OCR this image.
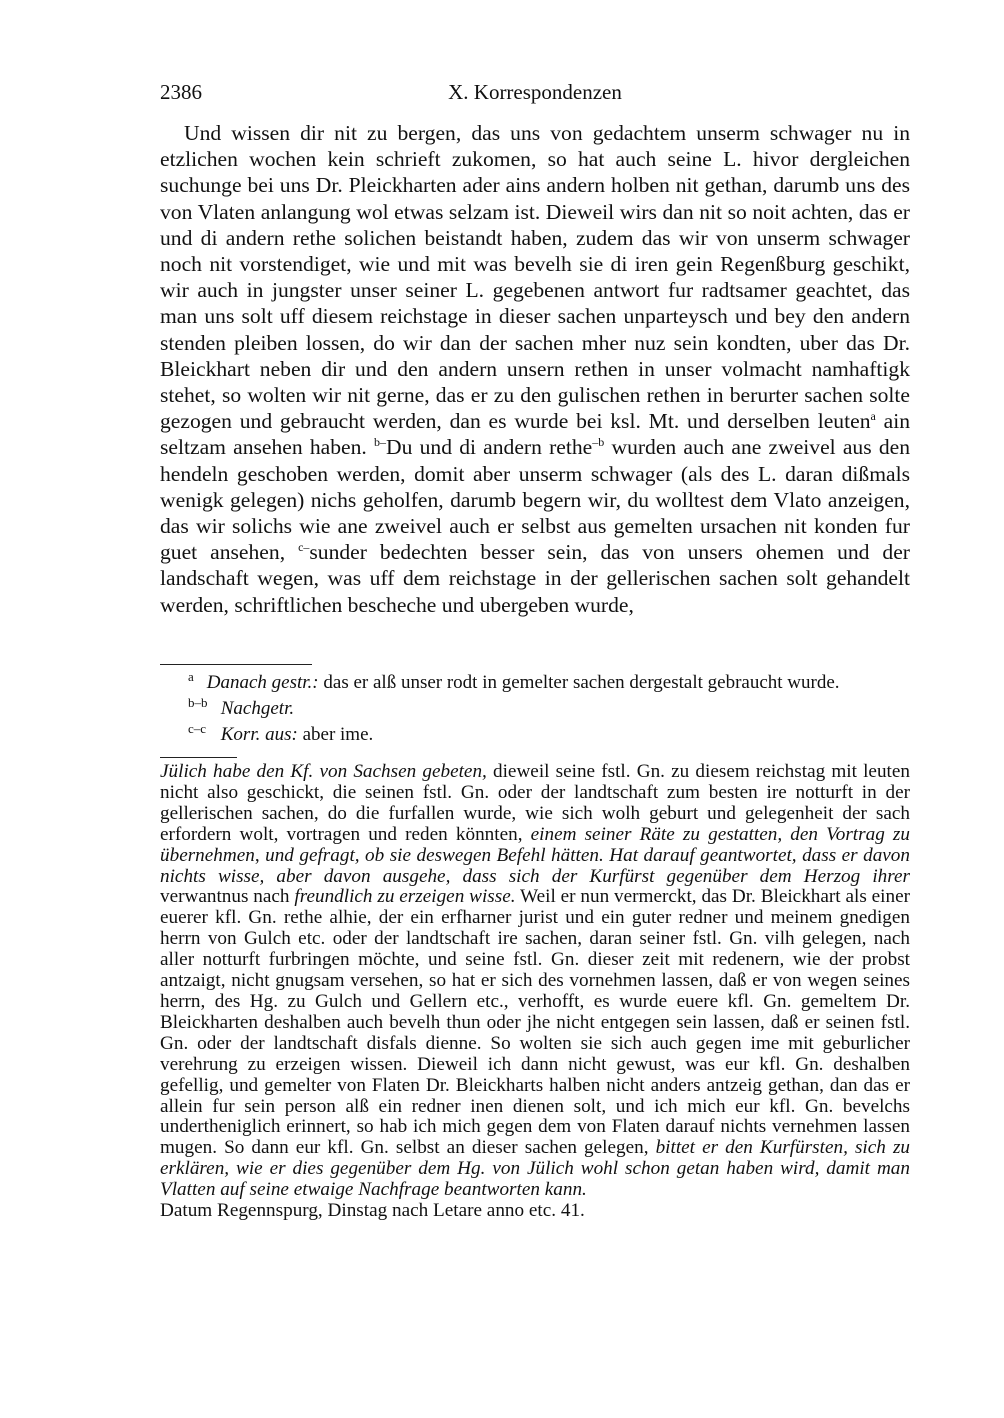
2386	X. Korrespondenzen

Und wissen dir nit zu bergen, das uns von gedachtem unserm schwager nu in etzlichen wochen kein schrieft zukomen, so hat auch seine L. hivor dergleichen suchunge bei uns Dr. Pleickharten ader ains andern holben nit gethan, darumb uns des von Vlaten anlangung wol etwas selzam ist. Dieweil wirs dan nit so noit achten, das er und di andern rethe solichen beistandt haben, zudem das wir von unserm schwager noch nit vorstendiget, wie und mit was bevelh sie di iren gein Regenßburg geschikt, wir auch in jungster unser seiner L. gegebenen antwort fur radtsamer geachtet, das man uns solt uff diesem reichstage in dieser sachen unparteysch und bey den andern stenden pleiben lossen, do wir dan der sachen mher nuz sein kondten, uber das Dr. Bleickhart neben dir und den andern unsern rethen in unser volmacht namhaftigk stehet, so wolten wir nit gerne, das er zu den gulischen rethen in berurter sachen solte gezogen und gebraucht werden, dan es wurde bei ksl. Mt. und derselben leuten$^a$ ain seltzam ansehen haben. $^{b-}$Du und di andern rethe$^{-b}$ wurden auch ane zweivel aus den hendeln geschoben werden, domit aber unserm schwager (als des L. daran dißmals wenigk gelegen) nichs geholfen, darumb begern wir, du wolltest dem Vlato anzeigen, das wir solichs wie ane zweivel auch er selbst aus gemelten ursachen nit konden fur guet ansehen, $^{c-}$sunder bedechten besser sein, das von unsers ohemen und der landschaft wegen, was uff dem reichstage in der gellerischen sachen solt gehandelt werden, schriftlichen bescheche und ubergeben wurde,

a Danach gestr.: das er alß unser rodt in gemelter sachen dergestalt gebraucht wurde.

b–b Nachgetr.

c–c Korr. aus: aber ime.

Jülich habe den Kf. von Sachsen gebeten, dieweil seine fstl. Gn. zu diesem reichstag mit leuten nicht also geschickt, die seinen fstl. Gn. oder der landtschaft zum besten ire notturft in der gellerischen sachen, do die furfallen wurde, wie sich wolh geburt und gelegenheit der sach erfordern wolt, vortragen und reden könnten, einem seiner Räte zu gestatten, den Vortrag zu übernehmen, und gefragt, ob sie deswegen Befehl hätten. Hat darauf geantwortet, dass er davon nichts wisse, aber davon ausgehe, dass sich der Kurfürst gegenüber dem Herzog ihrer verwantnus nach freundlich zu erzeigen wisse. Weil er nun vermerckt, das Dr. Bleickhart als einer euerer kfl. Gn. rethe alhie, der ein erfharner jurist und ein guter redner und meinem gnedigen herrn von Gulch etc. oder der landtschaft ire sachen, daran seiner fstl. Gn. vilh gelegen, nach aller notturft furbringen möchte, und seine fstl. Gn. dieser zeit mit redenern, wie der probst antzaigt, nicht gnugsam versehen, so hat er sich des vornehmen lassen, daß er von wegen seines herrn, des Hg. zu Gulch und Gellern etc., verhofft, es wurde euere kfl. Gn. gemeltem Dr. Bleickharten deshalben auch bevelh thun oder jhe nicht entgegen sein lassen, daß er seinen fstl. Gn. oder der landtschaft disfals dienne. So wolten sie sich auch gegen ime mit geburlicher verehrung zu erzeigen wissen. Dieweil ich dann nicht gewust, was eur kfl. Gn. deshalben gefellig, und gemelter von Flaten Dr. Bleickharts halben nicht anders antzeig gethan, dan das er allein fur sein person alß ein redner inen dienen solt, und ich mich eur kfl. Gn. bevelchs undertheniglich erinnert, so hab ich mich gegen dem von Flaten darauf nichts vernehmen lassen mugen. So dann eur kfl. Gn. selbst an dieser sachen gelegen, bittet er den Kurfürsten, sich zu erklären, wie er dies gegenüber dem Hg. von Jülich wohl schon getan haben wird, damit man Vlatten auf seine etwaige Nachfrage beantworten kann.
Datum Regennspurg, Dinstag nach Letare anno etc. 41.
